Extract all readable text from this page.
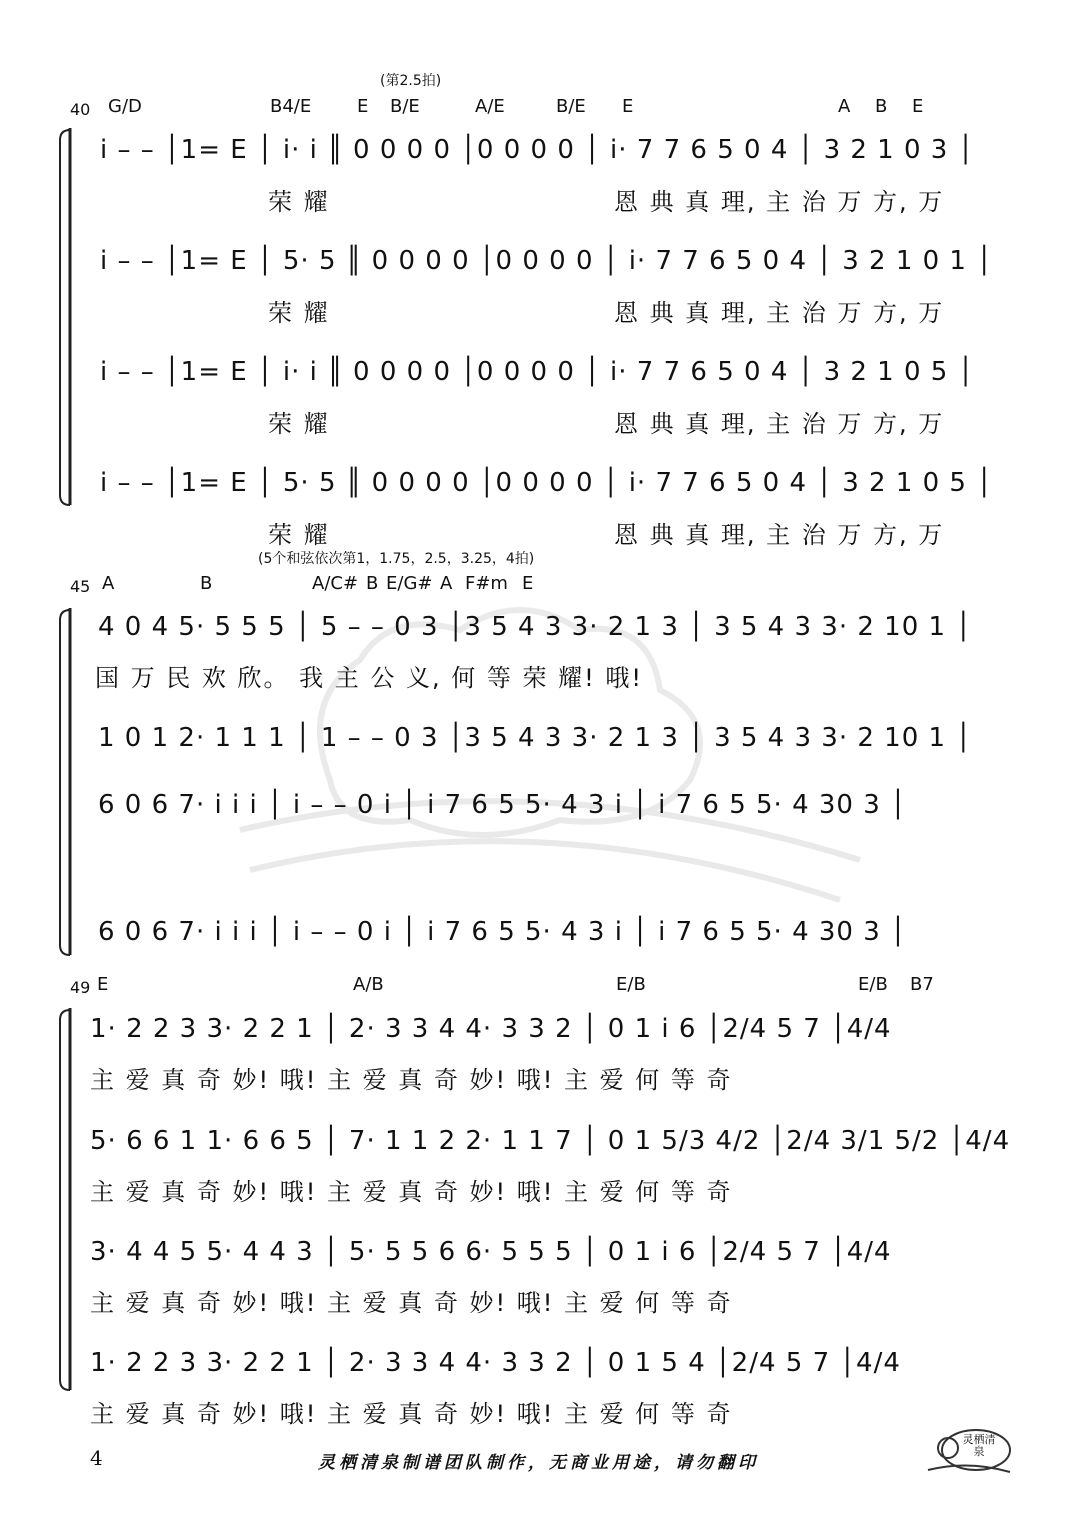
(第2.5拍)
40 G/D	B4/E	E B/E	A/E	B/E E	A B E
i – – │1= E │ i· i ║ 0 0 0 0 │0 0 0 0 │ i· 7 7 6 5 0 4 │ 3 2 1 0 3 │
荣 耀	恩 典 真 理, 主 治 万 方, 万
i – – │1= E │ 5· 5 ║ 0 0 0 0 │0 0 0 0 │ i· 7 7 6 5 0 4 │ 3 2 1 0 1 │
荣 耀	恩 典 真 理, 主 治 万 方, 万
i – – │1= E │ i· i ║ 0 0 0 0 │0 0 0 0 │ i· 7 7 6 5 0 4 │ 3 2 1 0 5 │
荣 耀	恩 典 真 理, 主 治 万 方, 万
i – – │1= E │ 5· 5 ║ 0 0 0 0 │0 0 0 0 │ i· 7 7 6 5 0 4 │ 3 2 1 0 5 │
荣 耀	恩 典 真 理, 主 治 万 方, 万
(5个和弦依次第1，1.75，2.5，3.25，4拍)
45 A	B	A/C# B E/G# A F#m E
4 0 4 5· 5 5 5 │ 5 – – 0 3 │3 5 4 3 3· 2 1 3 │ 3 5 4 3 3· 2 10 1 │
国 万 民 欢 欣。 我 主 公 义, 何 等 荣 耀! 哦!
1 0 1 2· 1 1 1 │ 1 – – 0 3 │3 5 4 3 3· 2 1 3 │ 3 5 4 3 3· 2 10 1 │
6 0 6 7· i i i │ i – – 0 i │ i 7 6 5 5· 4 3 i │ i 7 6 5 5· 4 30 3 │
6 0 6 7· i i i │ i – – 0 i │ i 7 6 5 5· 4 3 i │ i 7 6 5 5· 4 30 3 │
49 E	A/B	E/B	E/B B7
1· 2 2 3 3· 2 2 1 │ 2· 3 3 4 4· 3 3 2 │ 0 1 i 6 │2/4 5 7 │4/4
主 爱 真 奇 妙! 哦! 主 爱 真 奇 妙! 哦! 主 爱 何 等 奇
5· 6 6 1 1· 6 6 5 │ 7· 1 1 2 2· 1 1 7 │ 0 1 5/3 4/2 │2/4 3/1 5/2 │4/4
主 爱 真 奇 妙! 哦! 主 爱 真 奇 妙! 哦! 主 爱 何 等 奇
3· 4 4 5 5· 4 4 3 │ 5· 5 5 6 6· 5 5 5 │ 0 1 i 6 │2/4 5 7 │4/4
主 爱 真 奇 妙! 哦! 主 爱 真 奇 妙! 哦! 主 爱 何 等 奇
1· 2 2 3 3· 2 2 1 │ 2· 3 3 4 4· 3 3 2 │ 0 1 5 4 │2/4 5 7 │4/4
主 爱 真 奇 妙! 哦! 主 爱 真 奇 妙! 哦! 主 爱 何 等 奇
4	灵栖清泉制谱团队制作，无商业用途，请勿翻印
灵栖清泉
